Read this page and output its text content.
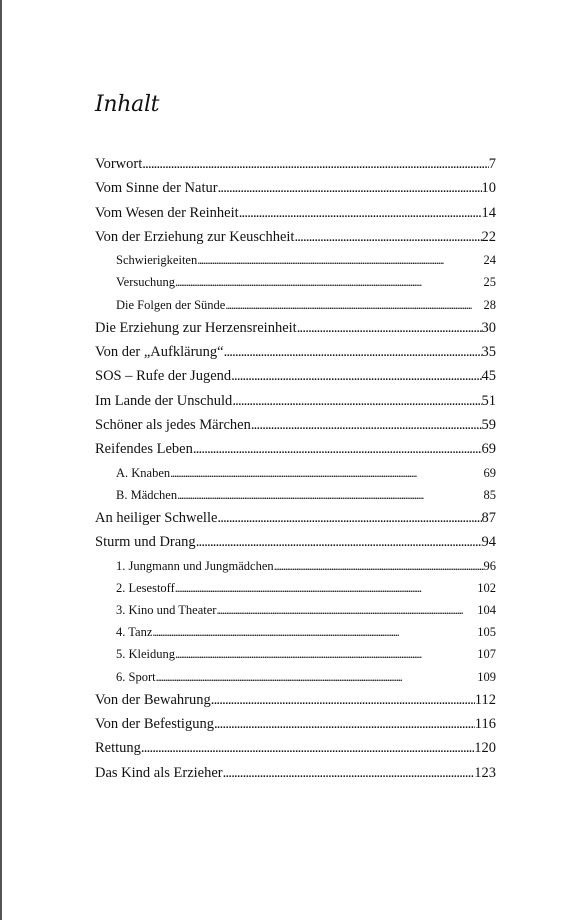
Inhalt
Vorwort . . .	7
Vom Sinne der Natur . . .	10
Vom Wesen der Reinheit . . .	14
Von der Erziehung zur Keuschheit . . .	22
Schwierigkeiten . . .	24
Versuchung . . .	25
Die Folgen der Sünde . . .	28
Die Erziehung zur Herzensreinheit . . .	30
Von der „Aufklärung“ . . .	35
SOS – Rufe der Jugend . . .	45
Im Lande der Unschuld . . .	51
Schöner als jedes Märchen . . .	59
Reifendes Leben . . .	69
A. Knaben . . .	69
B. Mädchen . . .	85
An heiliger Schwelle . . .	87
Sturm und Drang . . .	94
1. Jungmann und Jungmädchen . . .	96
2. Lesestoff . . .	102
3. Kino und Theater . . .	104
4. Tanz . . .	105
5. Kleidung . . .	107
6. Sport . . .	109
Von der Bewahrung . . .	112
Von der Befestigung . . .	116
Rettung . . .	120
Das Kind als Erzieher . . .	123
